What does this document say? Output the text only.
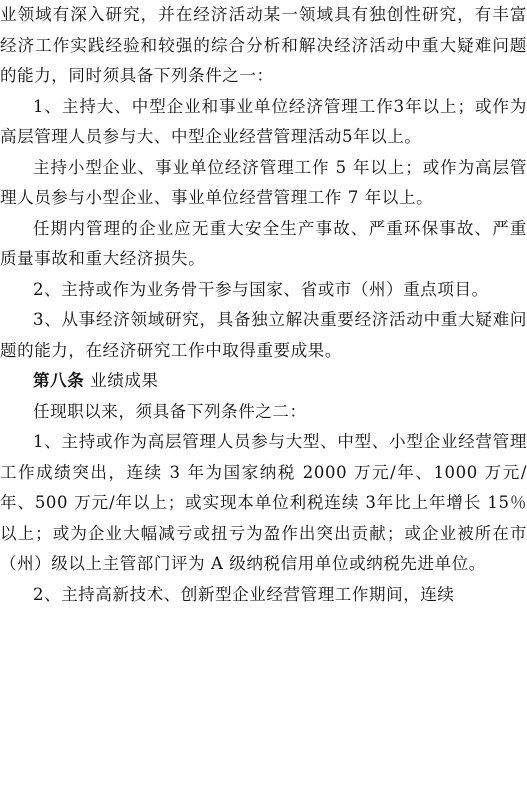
业领域有深入研究，并在经济活动某一领域具有独创性研究，有丰富经济工作实践经验和较强的综合分析和解决经济活动中重大疑难问题的能力，同时须具备下列条件之一：

1、主持大、中型企业和事业单位经济管理工作3年以上；或作为高层管理人员参与大、中型企业经营管理活动5年以上。

主持小型企业、事业单位经济管理工作 5 年以上；或作为高层管理人员参与小型企业、事业单位经营管理工作 7 年以上。

任期内管理的企业应无重大安全生产事故、严重环保事故、严重质量事故和重大经济损失。

2、主持或作为业务骨干参与国家、省或市（州）重点项目。

3、从事经济领域研究，具备独立解决重要经济活动中重大疑难问题的能力，在经济研究工作中取得重要成果。

第八条 业绩成果

任现职以来，须具备下列条件之二：

1、主持或作为高层管理人员参与大型、中型、小型企业经营管理工作成绩突出，连续 3 年为国家纳税 2000 万元/年、1000 万元/年、500 万元/年以上；或实现本单位利税连续 3年比上年增长 15％以上；或为企业大幅减亏或扭亏为盈作出突出贡献；或企业被所在市（州）级以上主管部门评为 A 级纳税信用单位或纳税先进单位。

2、主持高新技术、创新型企业经营管理工作期间，连续
